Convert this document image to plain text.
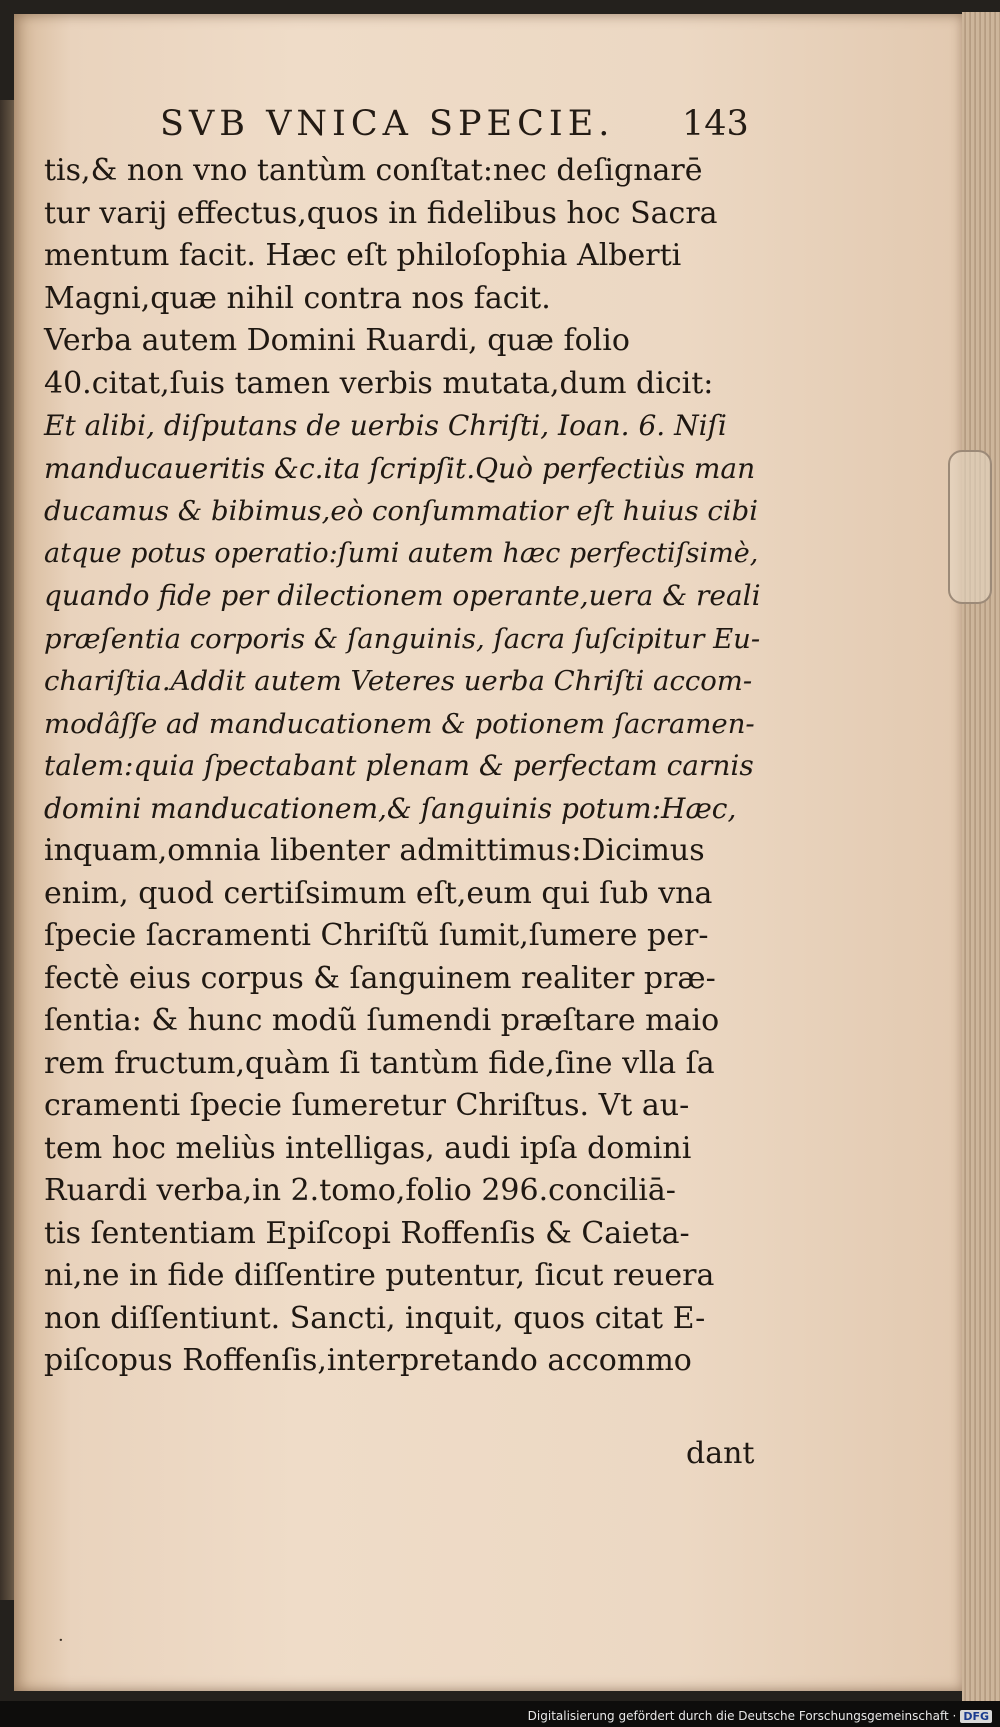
SVB VNICA SPECIE.	143
tis,& non vno tantùm conſtat:nec deſignarē
tur varij effectus,quos in fidelibus hoc Sacra
mentum facit. Hæc eſt philoſophia Alberti
Magni,quæ nihil contra nos facit.
Verba autem Domini Ruardi, quæ folio
40.citat,ſuis tamen verbis mutata,dum dicit:
Et alibi, diſputans de uerbis Chriſti, Ioan. 6. Niſi
manducaueritis &c.ita ſcripſit.Quò perfectiùs man
ducamus & bibimus,eò conſummatior eſt huius cibi
atque potus operatio:ſumi autem hæc perfectiſsimè,
quando fide per dilectionem operante,uera & reali
præſentia corporis & ſanguinis, ſacra ſuſcipitur Eu-
chariſtia.Addit autem Veteres uerba Chriſti accom-
modâſſe ad manducationem & potionem ſacramen-
talem:quia ſpectabant plenam & perfectam carnis
domini manducationem,& ſanguinis potum:Hæc,
inquam,omnia libenter admittimus:Dicimus
enim, quod certiſsimum eſt,eum qui ſub vna
ſpecie ſacramenti Chriſtũ ſumit,ſumere per-
fectè eius corpus & ſanguinem realiter præ-
ſentia: & hunc modũ ſumendi præſtare maio
rem fructum,quàm ſi tantùm fide,ſine vlla ſa
cramenti ſpecie ſumeretur Chriſtus. Vt au-
tem hoc meliùs intelligas, audi ipſa domini
Ruardi verba,in 2.tomo,folio 296.conciliā-
tis ſententiam Epiſcopi Roffenſis & Caieta-
ni,ne in fide diſſentire putentur, ſicut reuera
non diſſentiunt. Sancti, inquit, quos citat E-
piſcopus Roffenſis,interpretando accommo
dant
·
Digitalisierung gefördert durch die Deutsche Forschungsgemeinschaft · DFG
